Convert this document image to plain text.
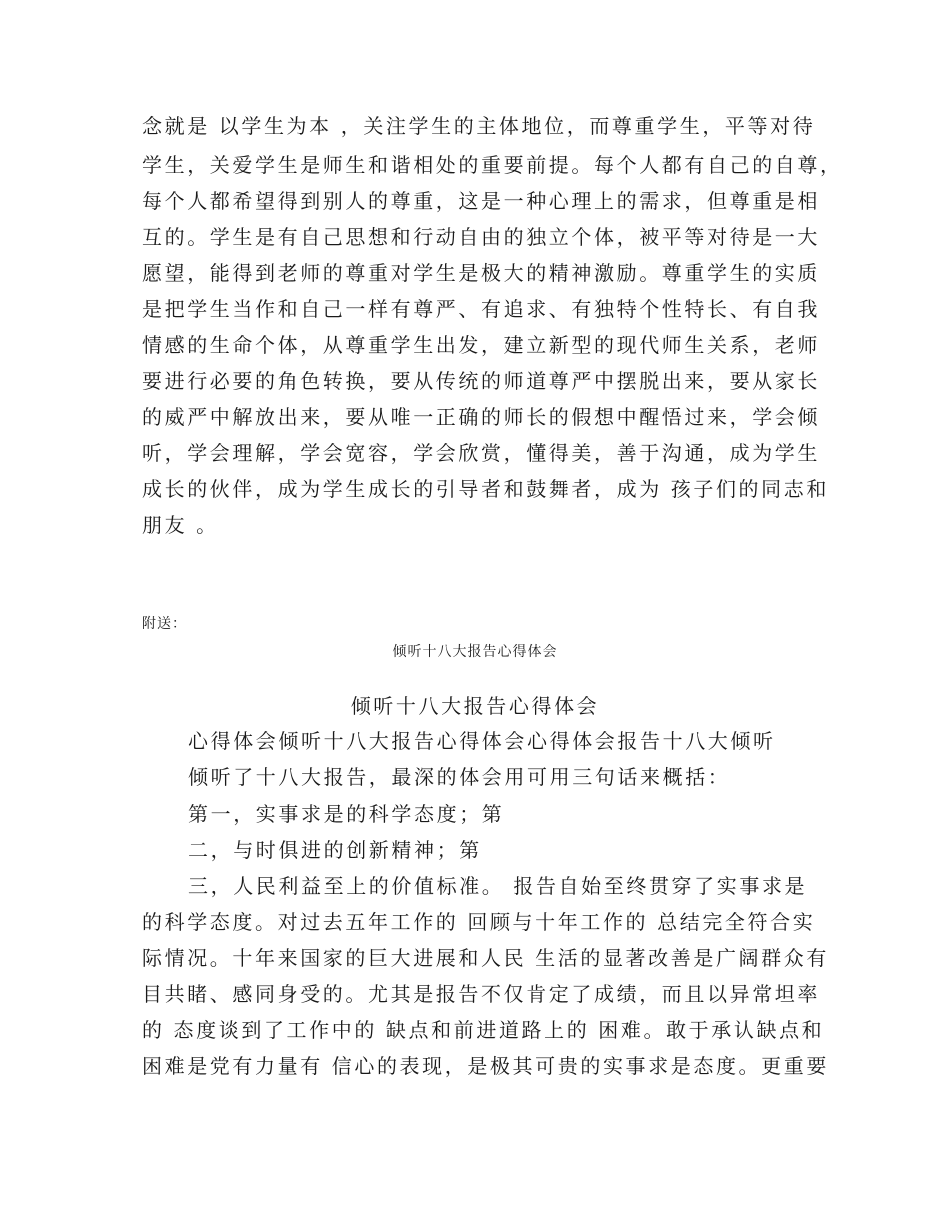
念就是 以学生为本 ，关注学生的主体地位，而尊重学生，平等对待
学生，关爱学生是师生和谐相处的重要前提。每个人都有自己的自尊，
每个人都希望得到别人的尊重，这是一种心理上的需求，但尊重是相
互的。学生是有自己思想和行动自由的独立个体，被平等对待是一大
愿望，能得到老师的尊重对学生是极大的精神激励。尊重学生的实质
是把学生当作和自己一样有尊严、有追求、有独特个性特长、有自我
情感的生命个体，从尊重学生出发，建立新型的现代师生关系，老师
要进行必要的角色转换，要从传统的师道尊严中摆脱出来，要从家长
的威严中解放出来，要从唯一正确的师长的假想中醒悟过来，学会倾
听，学会理解，学会宽容，学会欣赏，懂得美，善于沟通，成为学生
成长的伙伴，成为学生成长的引导者和鼓舞者，成为 孩子们的同志和
朋友 。
附送：
倾听十八大报告心得体会
倾听十八大报告心得体会
心得体会倾听十八大报告心得体会心得体会报告十八大倾听
倾听了十八大报告，最深的体会用可用三句话来概括：
第一，实事求是的科学态度；第
二，与时俱进的创新精神；第
三，人民利益至上的价值标准。 报告自始至终贯穿了实事求是
的科学态度。对过去五年工作的 回顾与十年工作的 总结完全符合实
际情况。十年来国家的巨大进展和人民 生活的显著改善是广阔群众有
目共睹、感同身受的。尤其是报告不仅肯定了成绩，而且以异常坦率
的 态度谈到了工作中的 缺点和前进道路上的 困难。敢于承认缺点和
困难是党有力量有 信心的表现，是极其可贵的实事求是态度。更重要
